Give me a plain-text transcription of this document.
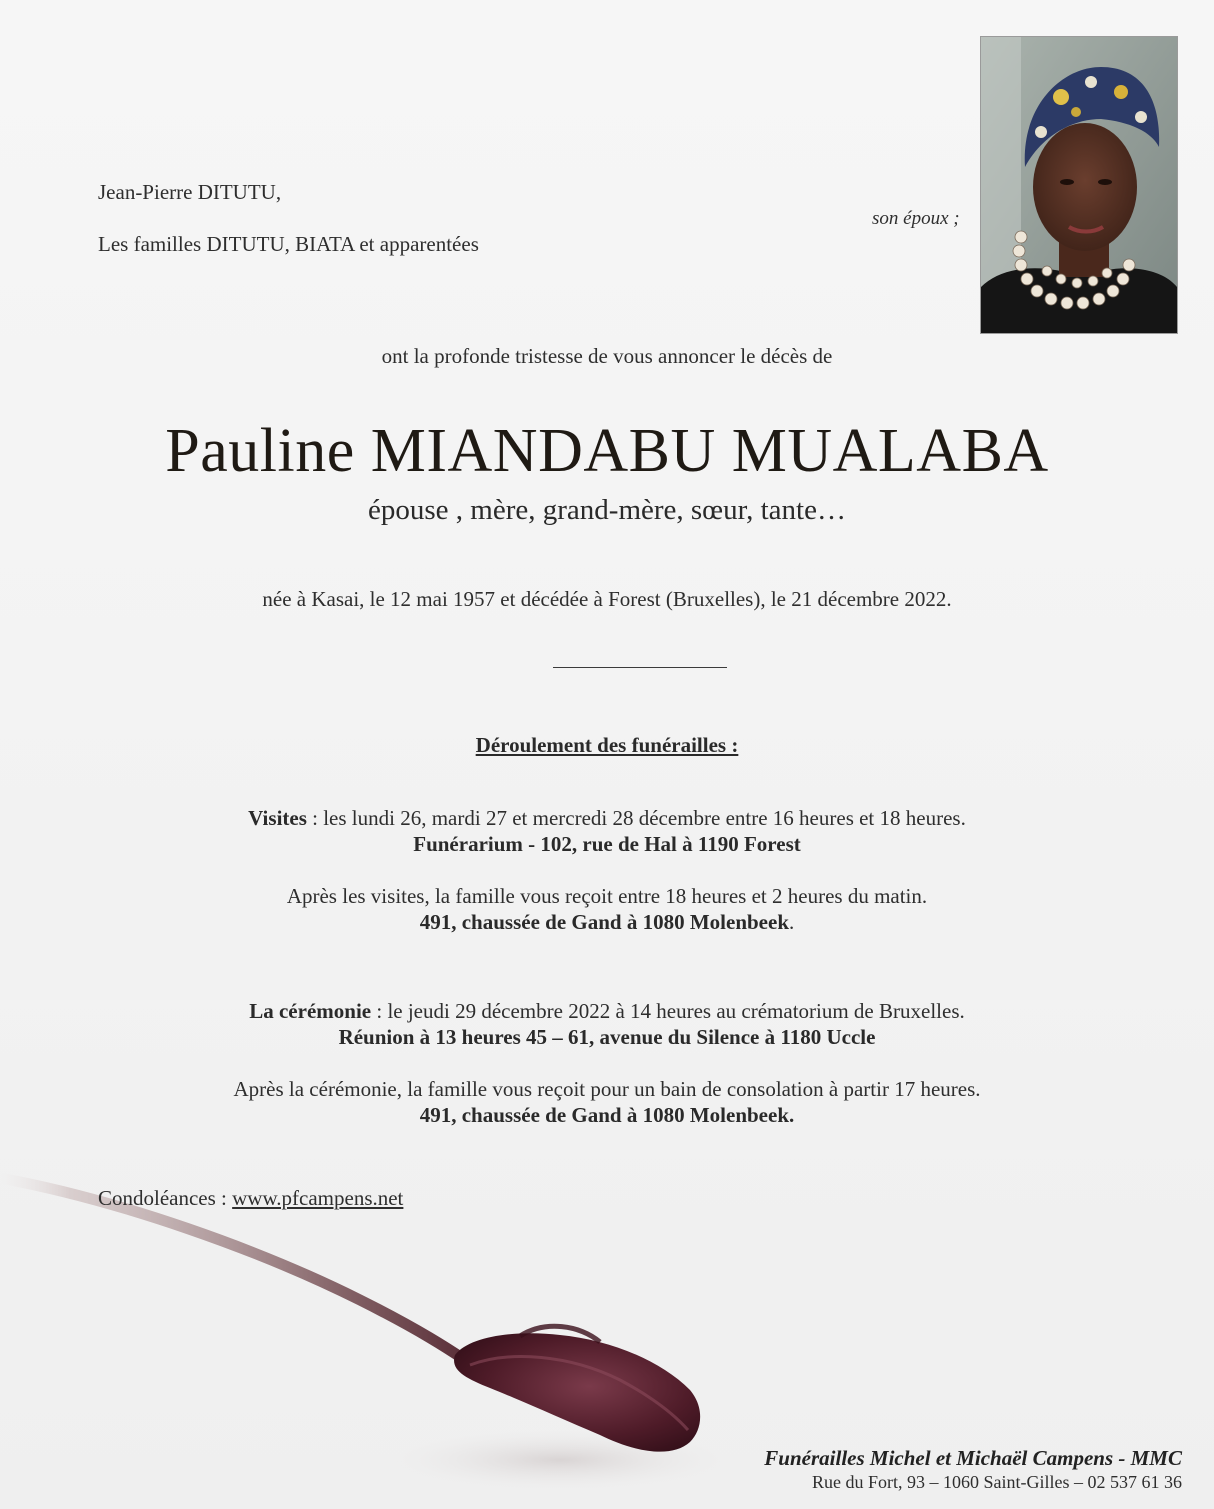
Jean-Pierre DITUTU,
son époux ;
Les familles DITUTU, BIATA et apparentées
ont la profonde tristesse de vous annoncer le décès de
Pauline MIANDABU MUALABA
épouse , mère, grand-mère, sœur, tante…
née à Kasai, le 12 mai 1957 et décédée à Forest (Bruxelles), le 21 décembre 2022.
Déroulement des funérailles :
Visites : les lundi 26, mardi 27 et mercredi 28 décembre entre 16 heures et 18 heures.
Funérarium - 102, rue de Hal à 1190 Forest
Après les visites, la famille vous reçoit entre 18 heures et 2 heures du matin.
491, chaussée de Gand à 1080 Molenbeek.
La cérémonie : le jeudi 29 décembre 2022 à 14 heures au crématorium de Bruxelles.
Réunion à 13 heures 45 – 61, avenue du Silence à 1180 Uccle
Après la cérémonie, la famille vous reçoit pour un bain de consolation à partir 17 heures.
491, chaussée de Gand à 1080 Molenbeek.
Condoléances : www.pfcampens.net
Funérailles Michel et Michaël Campens - MMC
Rue du Fort, 93 – 1060 Saint-Gilles – 02 537 61 36
